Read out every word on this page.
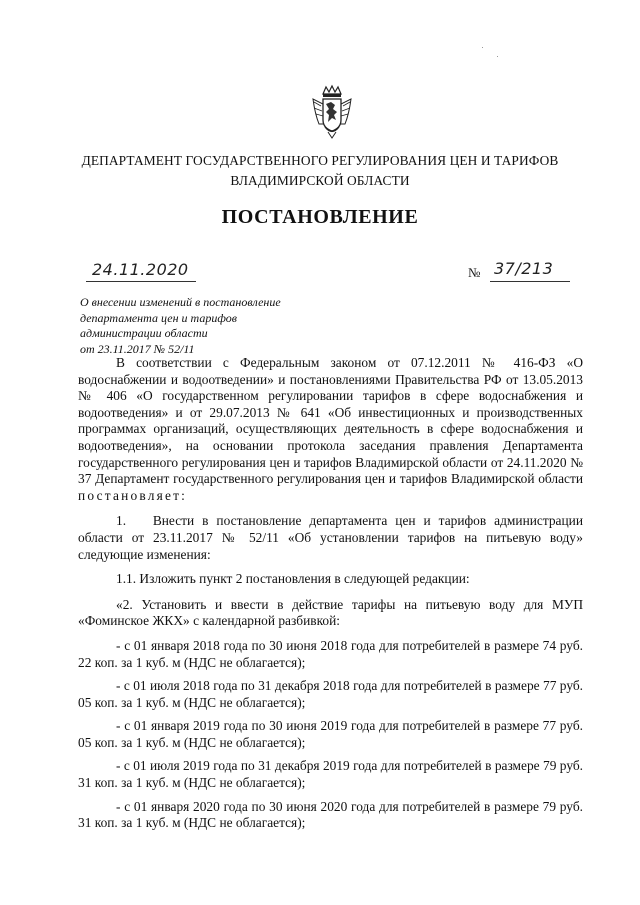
ДЕПАРТАМЕНТ ГОСУДАРСТВЕННОГО РЕГУЛИРОВАНИЯ ЦЕН И ТАРИФОВ
ВЛАДИМИРСКОЙ ОБЛАСТИ
ПОСТАНОВЛЕНИЕ
24.11.2020	№ 37/213
О внесении изменений в постановление
департамента цен и тарифов
администрации области
от 23.11.2017 № 52/11
В соответствии с Федеральным законом от 07.12.2011 № 416-ФЗ «О водоснабжении и водоотведении» и постановлениями Правительства РФ от 13.05.2013 № 406 «О государственном регулировании тарифов в сфере водоснабжения и водоотведения» и от 29.07.2013 № 641 «Об инвестиционных и производственных программах организаций, осуществляющих деятельность в сфере водоснабжения и водоотведения», на основании протокола заседания правления Департамента государственного регулирования цен и тарифов Владимирской области от 24.11.2020 № 37 Департамент государственного регулирования цен и тарифов Владимирской области постановляет:
1.  Внести в постановление департамента цен и тарифов администрации области от 23.11.2017 № 52/11 «Об установлении тарифов на питьевую воду» следующие изменения:
1.1. Изложить пункт 2 постановления в следующей редакции:
«2. Установить и ввести в действие тарифы на питьевую воду для МУП «Фоминское ЖКХ» с календарной разбивкой:
- с 01 января 2018 года по 30 июня 2018 года для потребителей в размере 74 руб. 22 коп. за 1 куб. м (НДС не облагается);
- с 01 июля 2018 года по 31 декабря 2018 года для потребителей в размере 77 руб. 05 коп. за 1 куб. м (НДС не облагается);
- с 01 января 2019 года по 30 июня 2019 года для потребителей в размере 77 руб. 05 коп. за 1 куб. м (НДС не облагается);
- с 01 июля 2019 года по 31 декабря 2019 года для потребителей в размере 79 руб. 31 коп. за 1 куб. м (НДС не облагается);
- с 01 января 2020 года по 30 июня 2020 года для потребителей в размере 79 руб. 31 коп. за 1 куб. м (НДС не облагается);
